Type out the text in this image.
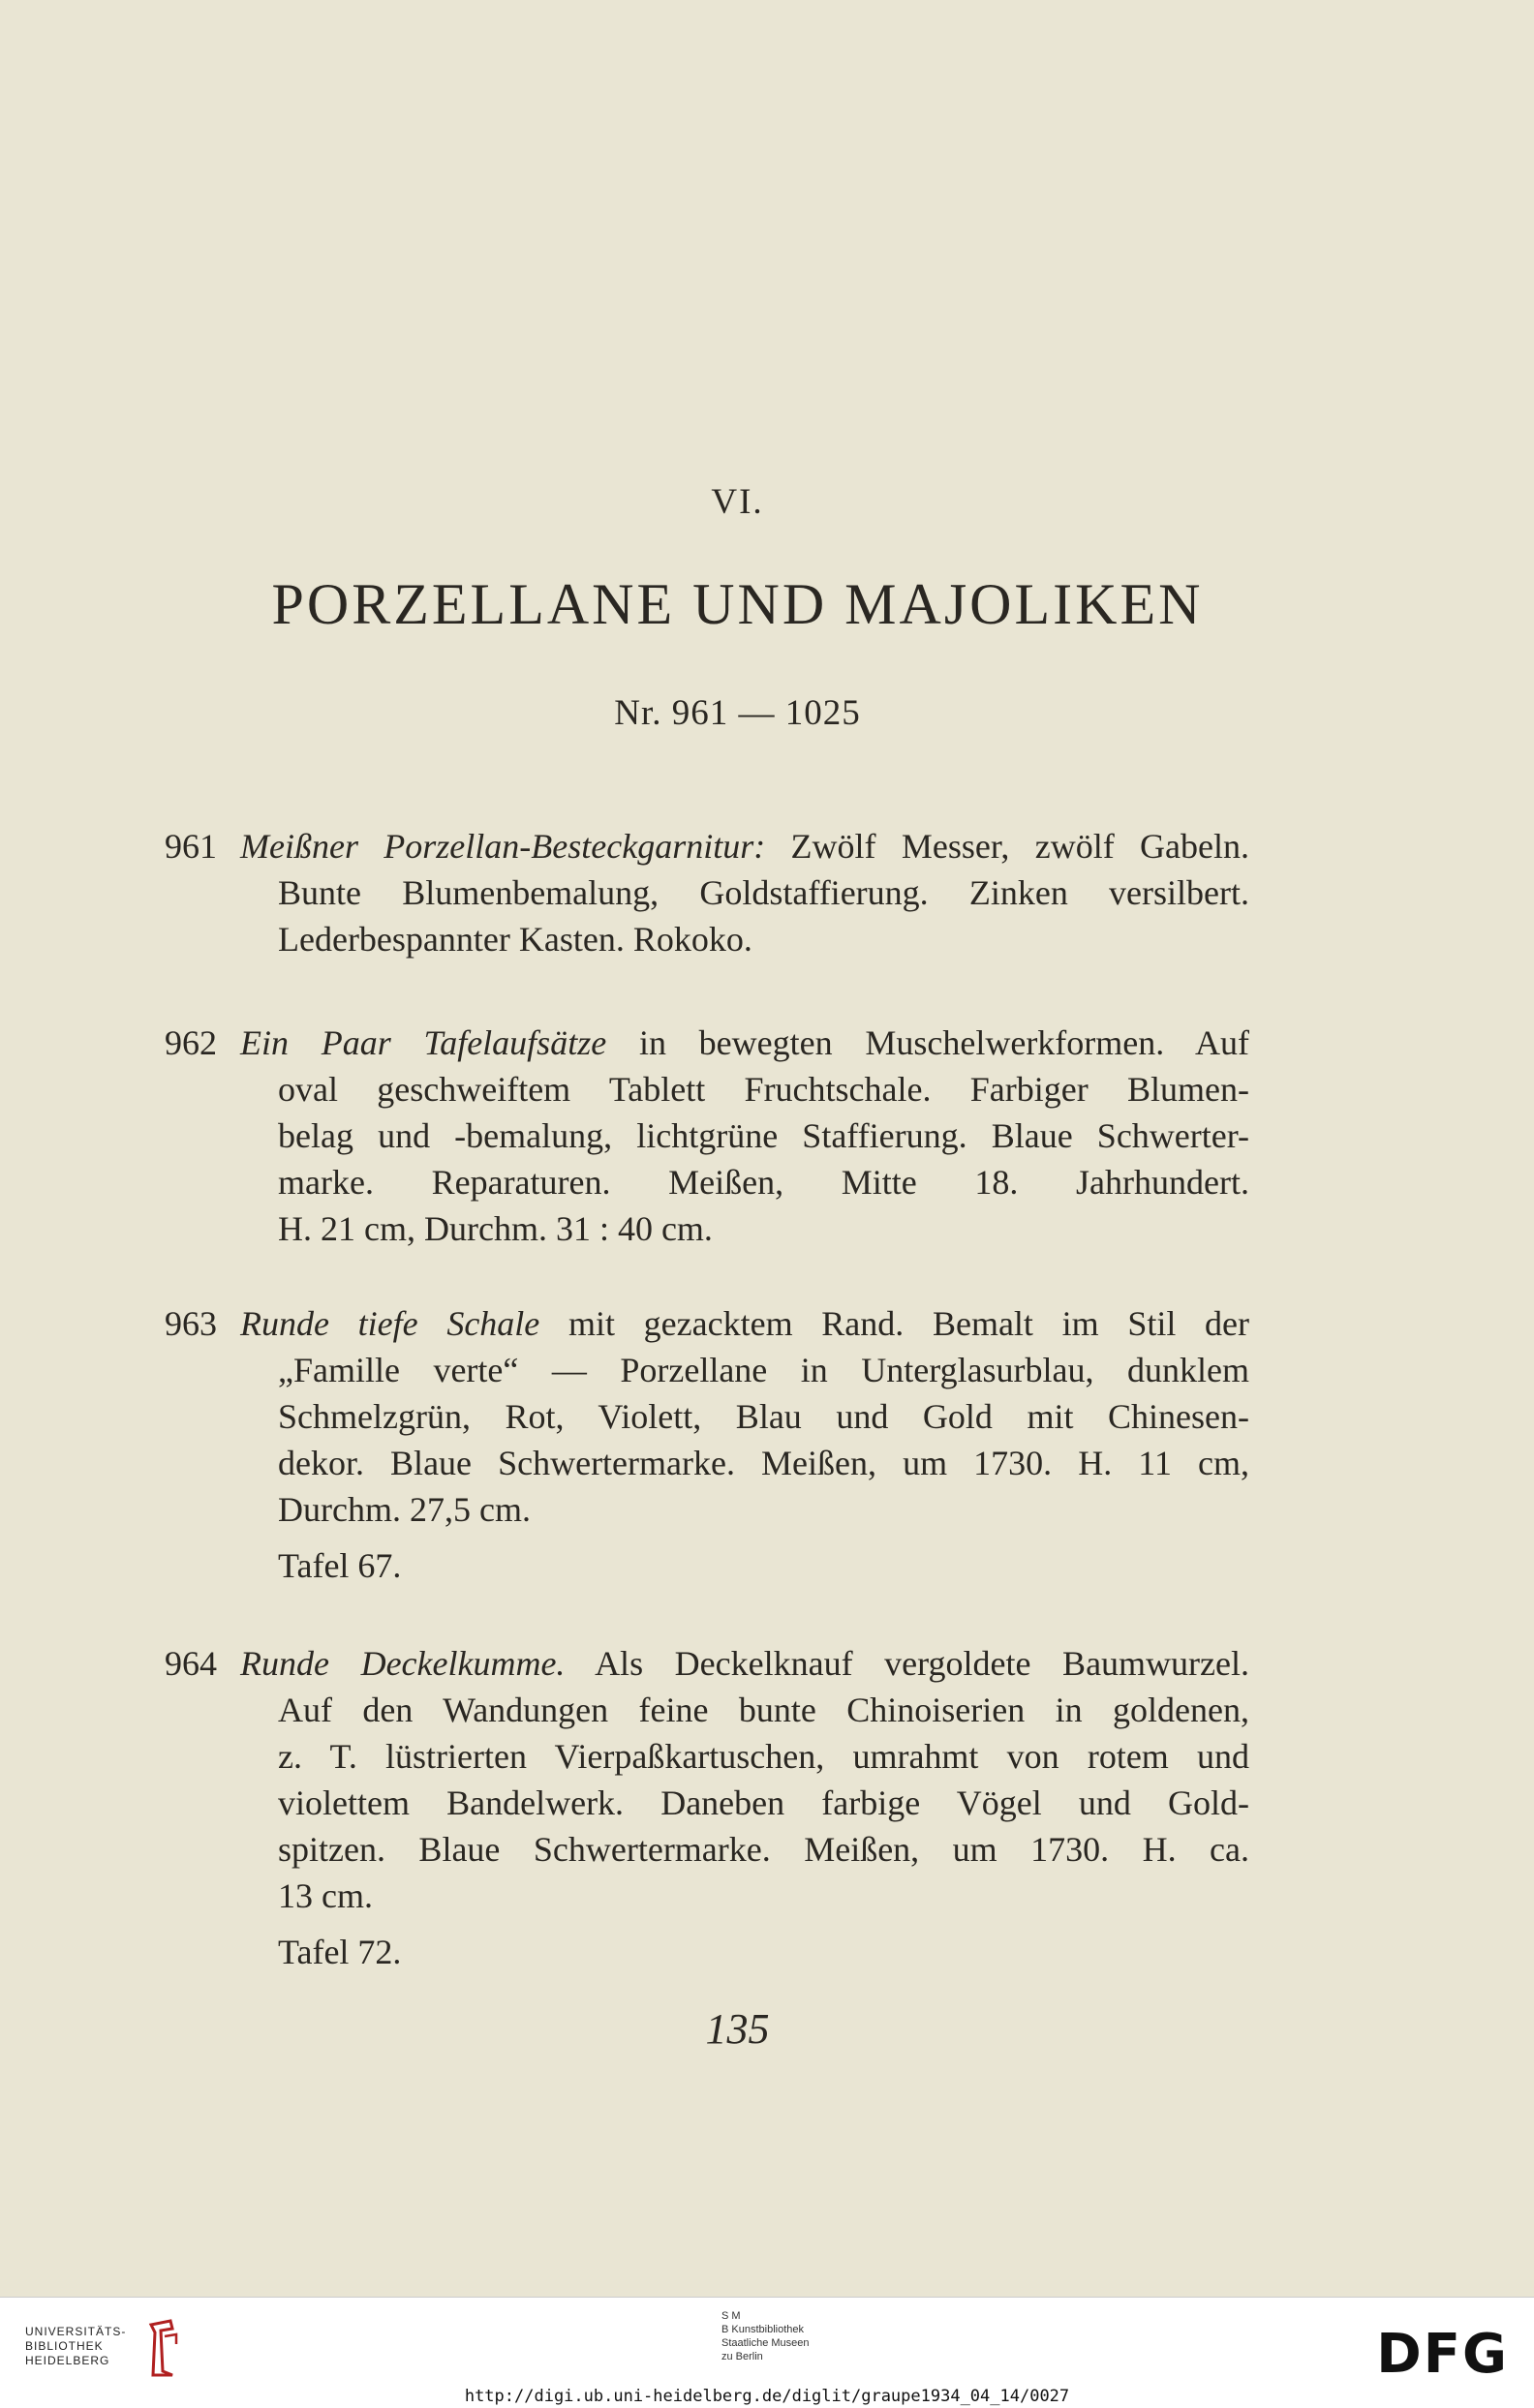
VI.
PORZELLANE UND MAJOLIKEN
Nr. 961 — 1025
961 Meißner Porzellan-Besteckgarnitur: Zwölf Messer, zwölf Gabeln.
Bunte Blumenbemalung, Goldstaffierung. Zinken versilbert.
Lederbespannter Kasten. Rokoko.
962 Ein Paar Tafelaufsätze in bewegten Muschelwerkformen. Auf
oval geschweiftem Tablett Fruchtschale. Farbiger Blumen-
belag und -bemalung, lichtgrüne Staffierung. Blaue Schwerter-
marke. Reparaturen. Meißen, Mitte 18. Jahrhundert.
H. 21 cm, Durchm. 31 : 40 cm.
963 Runde tiefe Schale mit gezacktem Rand. Bemalt im Stil der
„Famille verte“ — Porzellane in Unterglasurblau, dunklem
Schmelzgrün, Rot, Violett, Blau und Gold mit Chinesen-
dekor. Blaue Schwertermarke. Meißen, um 1730. H. 11 cm,
Durchm. 27,5 cm.
Tafel 67.
964 Runde Deckelkumme. Als Deckelknauf vergoldete Baumwurzel.
Auf den Wandungen feine bunte Chinoiserien in goldenen,
z. T. lüstrierten Vierpaßkartuschen, umrahmt von rotem und
violettem Bandelwerk. Daneben farbige Vögel und Gold-
spitzen. Blaue Schwertermarke. Meißen, um 1730. H. ca.
13 cm.
Tafel 72.
135
UNIVERSITÄTS-
BIBLIOTHEK
HEIDELBERG
S M
B Kunstbibliothek
Staatliche Museen
zu Berlin	DFG
http://digi.ub.uni-heidelberg.de/diglit/graupe1934_04_14/0027
